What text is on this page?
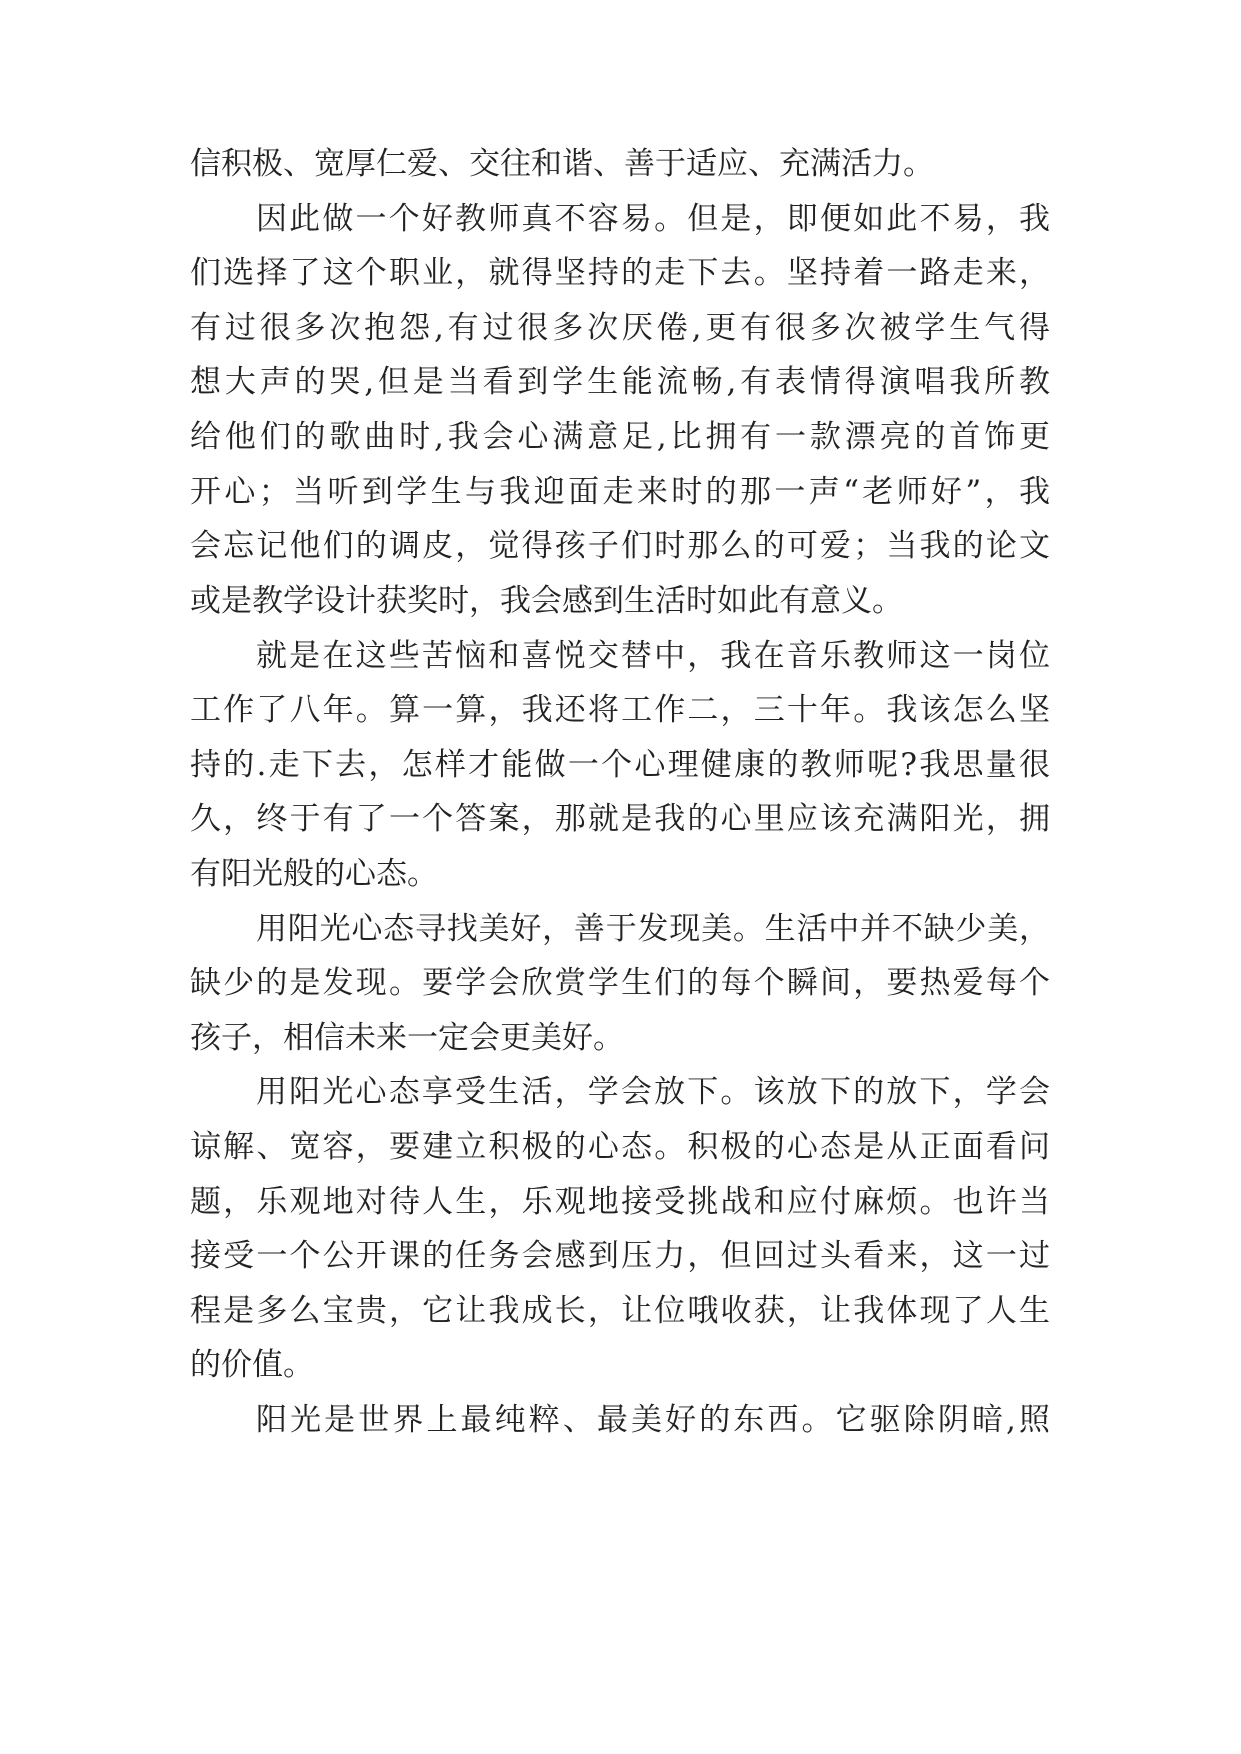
信积极、宽厚仁爱、交往和谐、善于适应、充满活力。
因此做一个好教师真不容易。但是，即便如此不易，我
们选择了这个职业，就得坚持的走下去。坚持着一路走来，
有过很多次抱怨,有过很多次厌倦,更有很多次被学生气得
想大声的哭,但是当看到学生能流畅,有表情得演唱我所教
给他们的歌曲时,我会心满意足,比拥有一款漂亮的首饰更
开心；当听到学生与我迎面走来时的那一声“老师好”，我
会忘记他们的调皮，觉得孩子们时那么的可爱；当我的论文
或是教学设计获奖时，我会感到生活时如此有意义。
就是在这些苦恼和喜悦交替中，我在音乐教师这一岗位
工作了八年。算一算，我还将工作二，三十年。我该怎么坚
持的.走下去，怎样才能做一个心理健康的教师呢?我思量很
久，终于有了一个答案，那就是我的心里应该充满阳光，拥
有阳光般的心态。
用阳光心态寻找美好，善于发现美。生活中并不缺少美，
缺少的是发现。要学会欣赏学生们的每个瞬间，要热爱每个
孩子，相信未来一定会更美好。
用阳光心态享受生活，学会放下。该放下的放下，学会
谅解、宽容，要建立积极的心态。积极的心态是从正面看问
题，乐观地对待人生，乐观地接受挑战和应付麻烦。也许当
接受一个公开课的任务会感到压力，但回过头看来，这一过
程是多么宝贵，它让我成长，让位哦收获，让我体现了人生
的价值。
阳光是世界上最纯粹、最美好的东西。它驱除阴暗,照
